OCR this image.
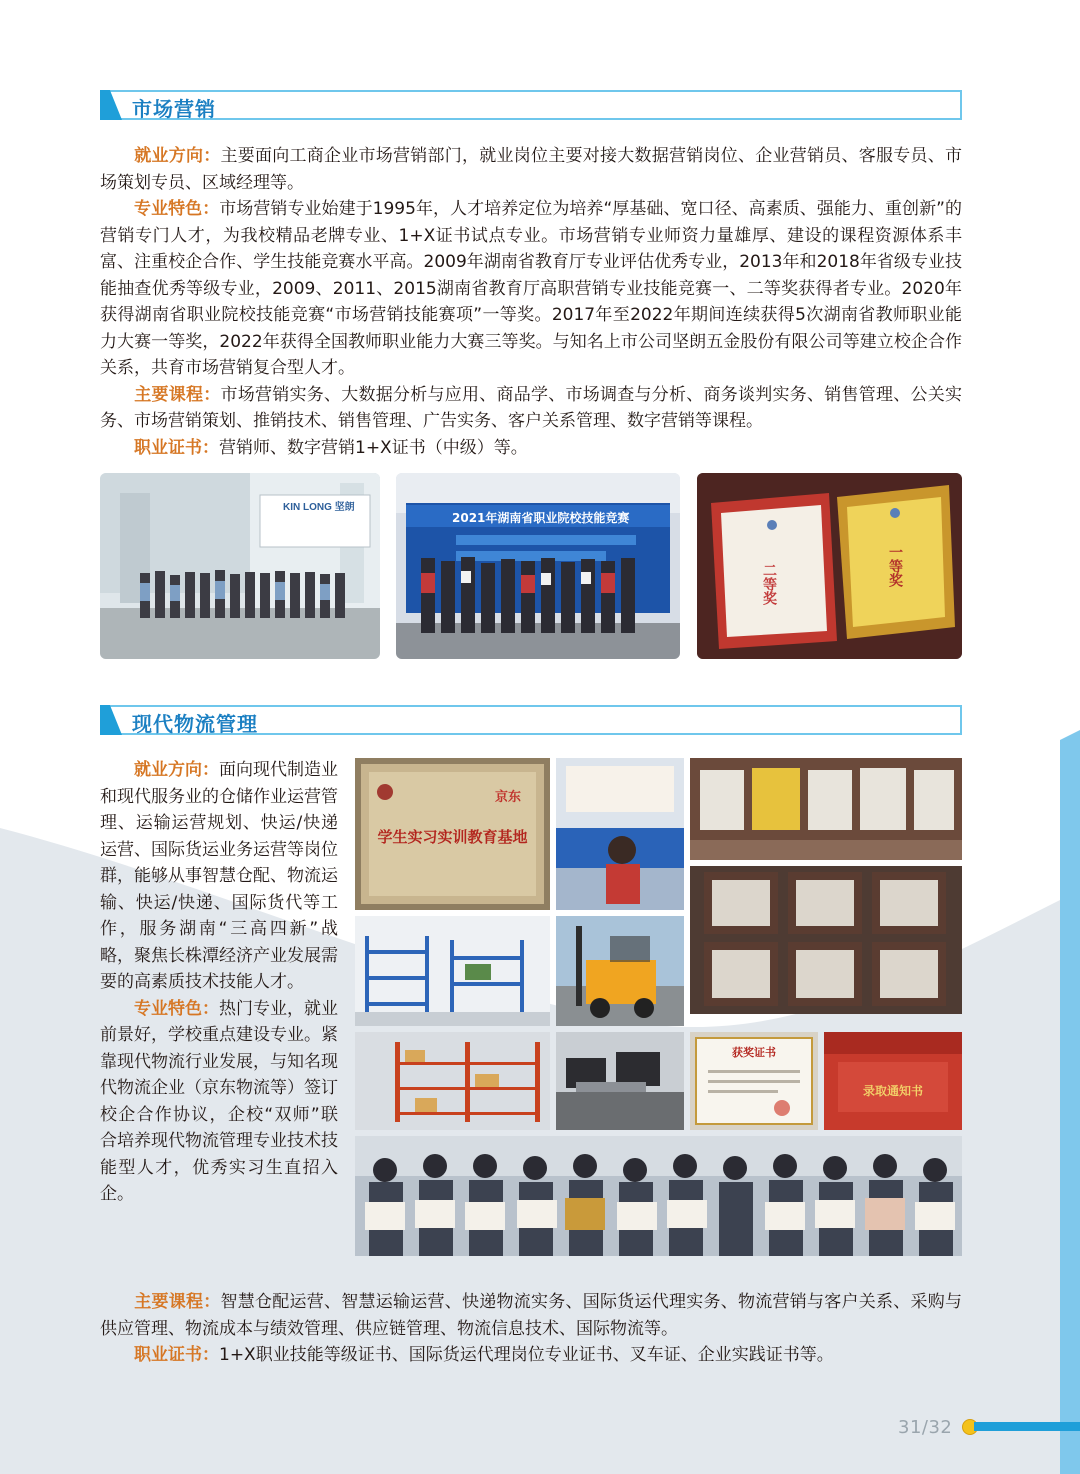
市场营销
就业方向：主要面向工商企业市场营销部门，就业岗位主要对接大数据营销岗位、企业营销员、客服专员、市场策划专员、区域经理等。
专业特色：市场营销专业始建于1995年，人才培养定位为培养“厚基础、宽口径、高素质、强能力、重创新”的营销专门人才，为我校精品老牌专业、1+X证书试点专业。市场营销专业师资力量雄厚、建设的课程资源体系丰富、注重校企合作、学生技能竞赛水平高。2009年湖南省教育厅专业评估优秀专业，2013年和2018年省级专业技能抽查优秀等级专业，2009、2011、2015湖南省教育厅高职营销专业技能竞赛一、二等奖获得者专业。2020年获得湖南省职业院校技能竞赛“市场营销技能赛项”一等奖。2017年至2022年期间连续获得5次湖南省教师职业能力大赛一等奖，2022年获得全国教师职业能力大赛三等奖。与知名上市公司坚朗五金股份有限公司等建立校企合作关系，共育市场营销复合型人才。
主要课程：市场营销实务、大数据分析与应用、商品学、市场调查与分析、商务谈判实务、销售管理、公关实务、市场营销策划、推销技术、销售管理、广告实务、客户关系管理、数字营销等课程。
职业证书：营销师、数字营销1+X证书（中级）等。
KIN LONG 坚朗
2021年湖南省职业院校技能竞赛
二等奖	一等奖
现代物流管理
就业方向：面向现代制造业和现代服务业的仓储作业运营管理、运输运营规划、快运/快递运营、国际货运业务运营等岗位群，能够从事智慧仓配、物流运输、快运/快递、国际货代等工作，服务湖南“三高四新”战略，聚焦长株潭经济产业发展需要的高素质技术技能人才。
专业特色：热门专业，就业前景好，学校重点建设专业。紧靠现代物流行业发展，与知名现代物流企业（京东物流等）签订校企合作协议，企校“双师”联合培养现代物流管理专业技术技能型人才，优秀实习生直招入企。
京东
学生实习实训教育基地
获奖证书
录取通知书
主要课程：智慧仓配运营、智慧运输运营、快递物流实务、国际货运代理实务、物流营销与客户关系、采购与供应管理、物流成本与绩效管理、供应链管理、物流信息技术、国际物流等。
职业证书：1+X职业技能等级证书、国际货运代理岗位专业证书、叉车证、企业实践证书等。
31/32
